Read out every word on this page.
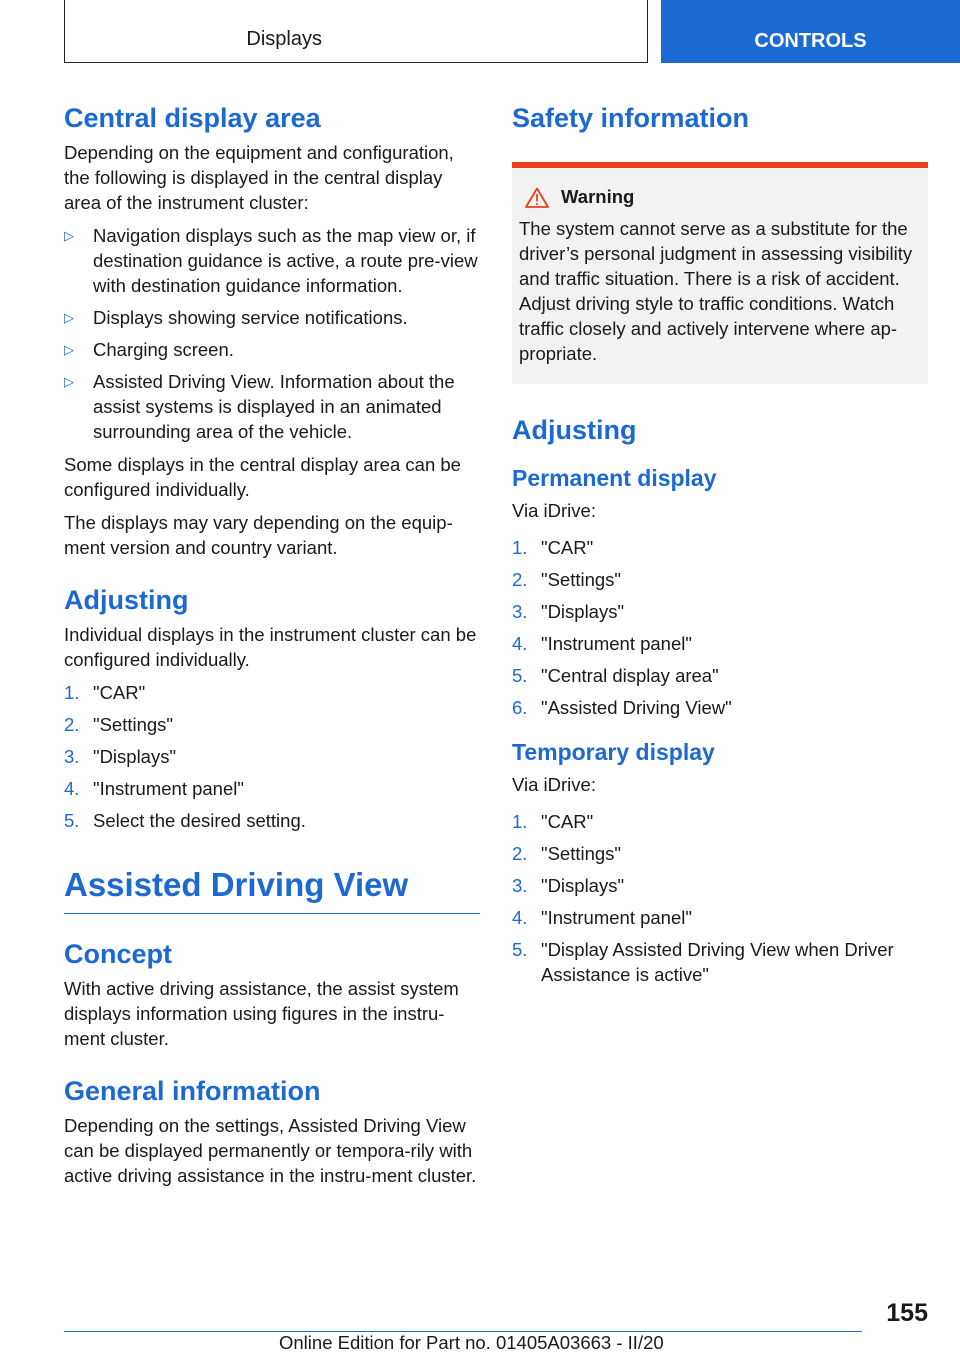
Displays	CONTROLS
Central display area

Depending on the equipment and configuration, the following is displayed in the central display area of the instrument cluster:

▷ Navigation displays such as the map view or, if destination guidance is active, a route pre-view with destination guidance information.
▷ Displays showing service notifications.
▷ Charging screen.
▷ Assisted Driving View. Information about the assist systems is displayed in an animated surrounding area of the vehicle.

Some displays in the central display area can be configured individually.

The displays may vary depending on the equip-ment version and country variant.

Adjusting

Individual displays in the instrument cluster can be configured individually.

1. "CAR"
2. "Settings"
3. "Displays"
4. "Instrument panel"
5. Select the desired setting.
Assisted Driving View
Concept

With active driving assistance, the assist system displays information using figures in the instru-ment cluster.

General information

Depending on the settings, Assisted Driving View can be displayed permanently or tempora-rily with active driving assistance in the instru-ment cluster.

Safety information
Warning

The system cannot serve as a substitute for the driver’s personal judgment in assessing visibility and traffic situation. There is a risk of accident. Adjust driving style to traffic conditions. Watch traffic closely and actively intervene where ap-propriate.

Adjusting
Permanent display

Via iDrive:

1. "CAR"
2. "Settings"
3. "Displays"
4. "Instrument panel"
5. "Central display area"
6. "Assisted Driving View"
Temporary display

Via iDrive:

1. "CAR"
2. "Settings"
3. "Displays"
4. "Instrument panel"
5. "Display Assisted Driving View when Driver Assistance is active"
155
Online Edition for Part no. 01405A03663 - II/20
